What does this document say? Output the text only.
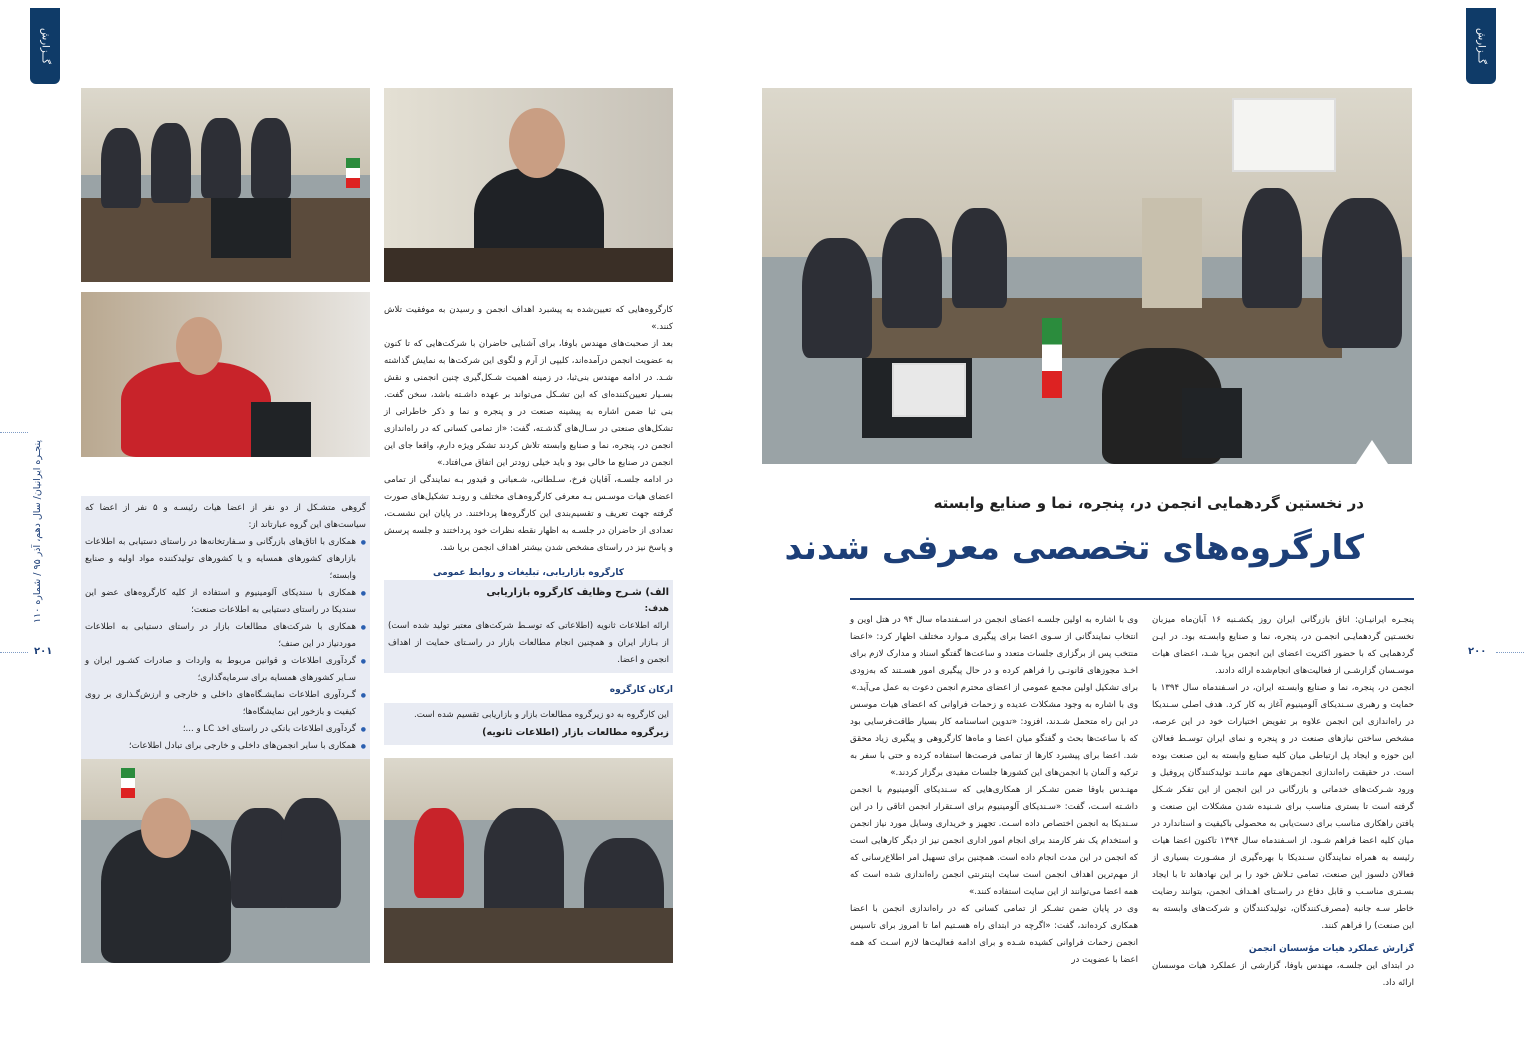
گــزارش	گــزارش
پنجـره ایرانیان/ سال دهم، آذر ۹۵ / شماره ۱۱۰
۲۰۱	۲۰۰
در نخستین گردهمایی انجمن در، پنجره، نما و صنایع وابسته
کارگروه‌های تخصصی معرفی شدند

پنجـره ایرانیـان: اتاق بازرگانی ایران روز یکشـنبه ۱۶ آبان‌ماه میزبان نخسـتین گردهمایـی انجمـن در، پنجره، نما و صنایع وابسـته بود. در ایـن گردهمایی که با حضور اکثریت اعضای این انجمن برپا شـد، اعضای هیات موسـسان گزارشـی از فعالیت‌های انجام‌شده ارائه دادند.

انجمن در، پنجره، نما و صنایع وابسـته ایران، در اسـفندماه سال ۱۳۹۴ با حمایت و رهبری سـندیکای آلومینیوم آغاز به کار کرد. هدف اصلی سـندیکا در راه‌اندازی این انجمن علاوه بر تفویض اختیارات خود در این عرصه، مشخص ساختن نیازهای صنعت در و پنجره و نمای ایران توسـط فعالان این حوزه و ایجاد پل ارتباطی میان کلیه صنایع وابسته به این صنعت بوده است. در حقیقت راه‌اندازی انجمن‌های مهم ماننـد تولیدکنندگان پروفیل و ورود شـرکت‌های خدماتی و بازرگانی در این انجمن از این تفکر شـکل گرفته است تا بستری مناسب برای شـنیده شدن مشکلات این صنعت و یافتن راهکاری مناسب برای دست‌یابی به محصولی باکیفیت و استاندارد در میان کلیه اعضا فراهم شـود. از اسـفندماه سال ۱۳۹۴ تاکنون اعضا هیات رئیسه به همراه نمایندگان سـندیکا با بهره‌گیری از مشـورت بسیاری از فعالان دلسوز این صنعت، تمامی تـلاش خود را بر این نهادهاند تا با ایجاد بسـتری مناسـب و قابل دفاع در راسـتای اهـداف انجمن، بتوانند رضایت خاطر سـه جانبه (مصرف‌کنندگان، تولیدکنندگان و شرکت‌های وابسته به این صنعت) را فراهم کنند.

گزارش عملکرد هیات مؤسسان انجمن

در ابتدای این جلسـه، مهندس باوفا، گزارشی از عملکرد هیات موسسان ارائه داد.

وی با اشاره به اولین جلسـه اعضای انجمن در اسـفندماه سال ۹۴ در هتل اوین و انتخاب نمایندگانی از سـوی اعضا برای پیگیری مـوارد مختلف اظهار کرد: «اعضا منتخب پس از برگزاری جلسات متعدد و ساعت‌ها گفتگو اسناد و مدارک لازم برای اخـذ مجوزهای قانونـی را فراهم کرده و در حال پیگیری امور هسـتند که به‌زودی برای تشکیل اولین مجمع عمومی از اعضای محترم انجمن دعوت به عمل می‌آید.»

وی با اشاره به وجود مشکلات عدیده و زحمات فراوانی که اعضای هیات موسس در این راه متحمل شـدند، افزود: «تدوین اساسنامه کار بسیار طاقت‌فرسایی بود که با ساعت‌ها بحث و گفتگو میان اعضا و ماه‌ها کارگروهی و پیگیری زیاد محقق شد. اعضا برای پیشبرد کارها از تمامی فرصت‌ها استفاده کرده و حتی با سفر به ترکیه و آلمان با انجمن‌های این کشورها جلسات مفیدی برگزار کردند.»

مهنـدس باوفا ضمن تشـکر از همکاری‌هایی که سـندیکای آلومینیوم با انجمن داشـته اسـت، گفت: «سـندیکای آلومینیوم برای اسـتقرار انجمن اتاقی را در این سـندیکا به انجمن اختصاص داده اسـت. تجهیز و خریداری وسایل مورد نیاز انجمن و استخدام یک نفر کارمند برای انجام امور اداری انجمن نیز از دیگر کارهایی است که انجمن در این مدت انجام داده است. همچنین برای تسهیل امر اطلاع‌رسانی که از مهم‌ترین اهداف انجمن است سایت اینترنتی انجمن راه‌اندازی شده است که همه اعضا می‌توانند از این سایت استفاده کنند.»

وی در پایان ضمن تشـکر از تمامی کسانی که در راه‌اندازی انجمن با اعضا همکاری کرده‌اند، گفت: «اگرچه در ابتدای راه هسـتیم اما تا امروز برای تاسیس انجمن زحمات فراوانی کشیده شـده و برای ادامه فعالیت‌ها لازم اسـت که همه اعضا با عضویت در

کارگروه‌هایی که تعیین‌شده به پیشبرد اهداف انجمن و رسیدن به موفقیت تلاش کنند.»

بعد از صحبت‌های مهندس باوفا، برای آشنایی حاضران با شرکت‌هایی که تا کنون به عضویت انجمن درآمده‌اند، کلیپی از آرم و لگوی این شرکت‌ها به نمایش گذاشته شـد. در ادامه مهندس بنی‌ثبا، در زمینه اهمیت شـکل‌گیری چنین انجمنی و نقش بسـیار تعیین‌کننده‌ای که این تشـکل می‌تواند بر عهده داشـته باشد، سخن گفت. بنی ثبا ضمن اشاره به پیشینه صنعت در و پنجره و نما و ذکر خاطراتی از تشکل‌های صنعتی در سـال‌های گذشـته، گفت: «از تمامی کسانی که در راه‌اندازی انجمن در، پنجره، نما و صنایع وابسته تلاش کردند تشکر ویژه دارم، واقعا جای این انجمن در صنایع ما خالی بود و باید خیلی زودتر این اتفاق می‌افتاد.»

در ادامه جلسـه، آقایان فرخ، سـلطانی، شـعبانی و قیدور بـه نمایندگی از تمامی اعضای هیات موسـس بـه معرفی کارگروه‌هـای مختلف و رونـد تشکیل‌های صورت گرفته جهت تعریف و تقسیم‌بندی این کارگروه‌ها پرداختند. در پایان این نشسـت، تعدادی از حاضران در جلسـه به اظهار نقطه نظرات خود پرداختند و جلسه پرسش و پاسخ نیز در راستای مشخص شدن بیشتر اهداف انجمن برپا شد.

کارگروه بازاریابی، تبلیغات و روابط عمومی

الف) شـرح وظایف کارگروه بازاریابی

هدف:

ارائه اطلاعات ثانویه (اطلاعاتی که توسـط شرکت‌های معتبر تولید شده است) از بـازار ایران و همچنین انجام مطالعات بازار در راسـتای حمایت از اهداف انجمن و اعضا.

ارکان کارگروه

این کارگروه به دو زیرگروه مطالعات بازار و بازاریابی تقسیم شده است.

زیرگروه مطالعات بازار (اطلاعات ثانویه)

گروهی متشـکل از دو نفر از اعضا هیات رئیسـه و ۵ نفر از اعضا که سیاست‌های این گروه عبارتاند از:

● همکاری با اتاق‌های بازرگانی و سـفارتخانه‌ها در راستای دستیابی به اطلاعات بازارهای کشورهای همسایه و یا کشورهای تولیدکننده مواد اولیه و صنایع وابسته؛

● همکاری با سندیکای آلومینیوم و استفاده از کلیه کارگروه‌های عضو این سندیکا در راستای دستیابی به اطلاعات صنعت؛

● همکاری با شرکت‌های مطالعات بازار در راستای دستیابی به اطلاعات موردنیاز در این صنف؛

● گردآوری اطلاعات و قوانین مربوط به واردات و صادرات کشـور ایران و سـایر کشورهای همسایه برای سرمایه‌گذاری؛

● گـردآوری اطلاعات نمایشـگاه‌های داخلی و خارجی و ارزش‌گـذاری بر روی کیفیت و بازخور این نمایشگاه‌ها؛

● گردآوری اطلاعات بانکی در راستای اخذ LC و ...؛

● همکاری با سایر انجمن‌های داخلی و خارجی برای تبادل اطلاعات؛
